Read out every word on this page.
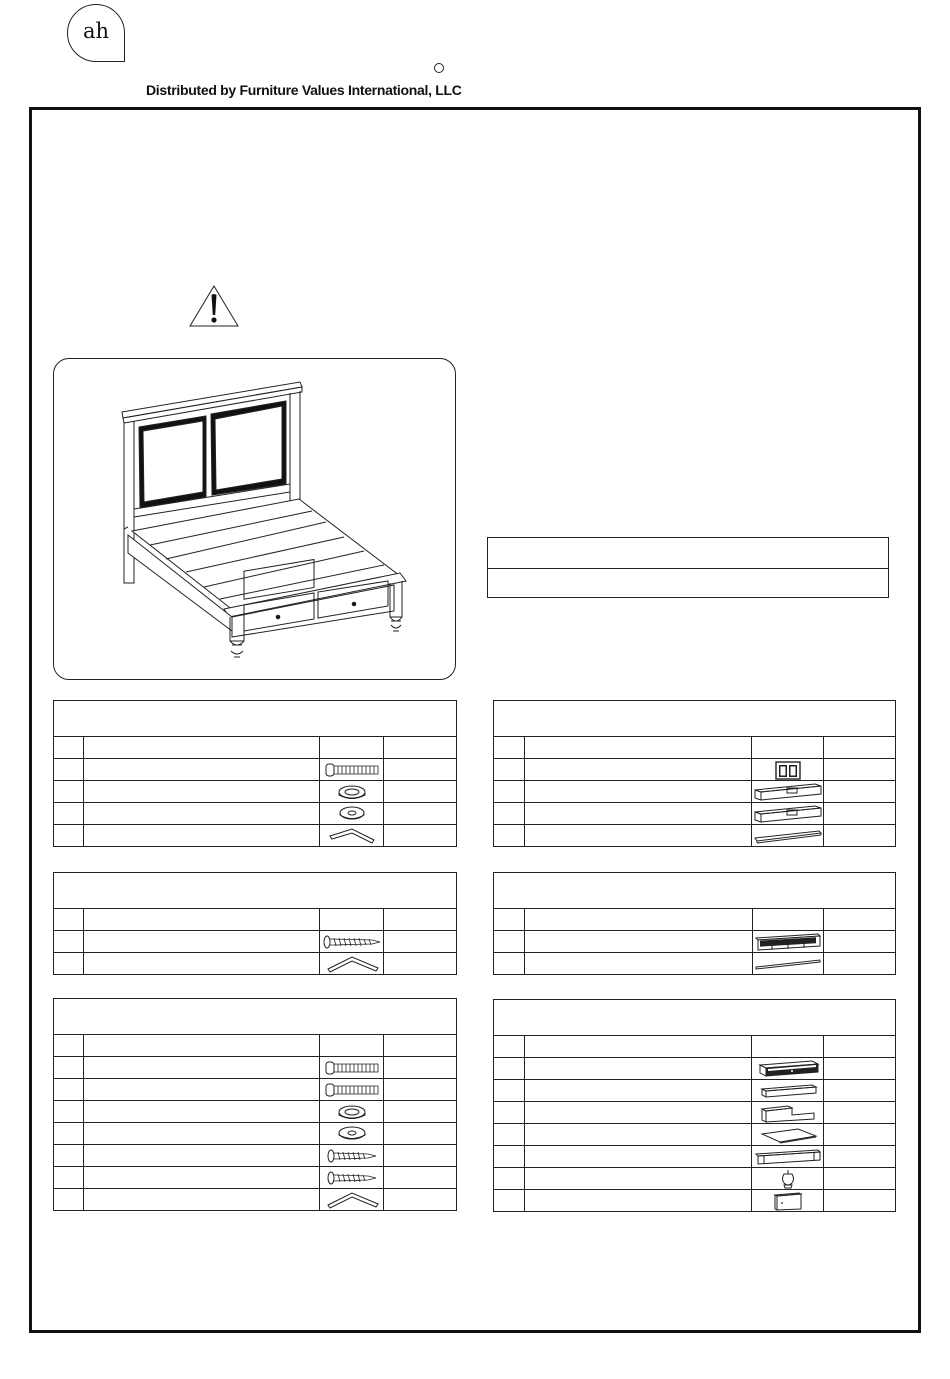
ah
Distributed by Furniture Values International, LLC
